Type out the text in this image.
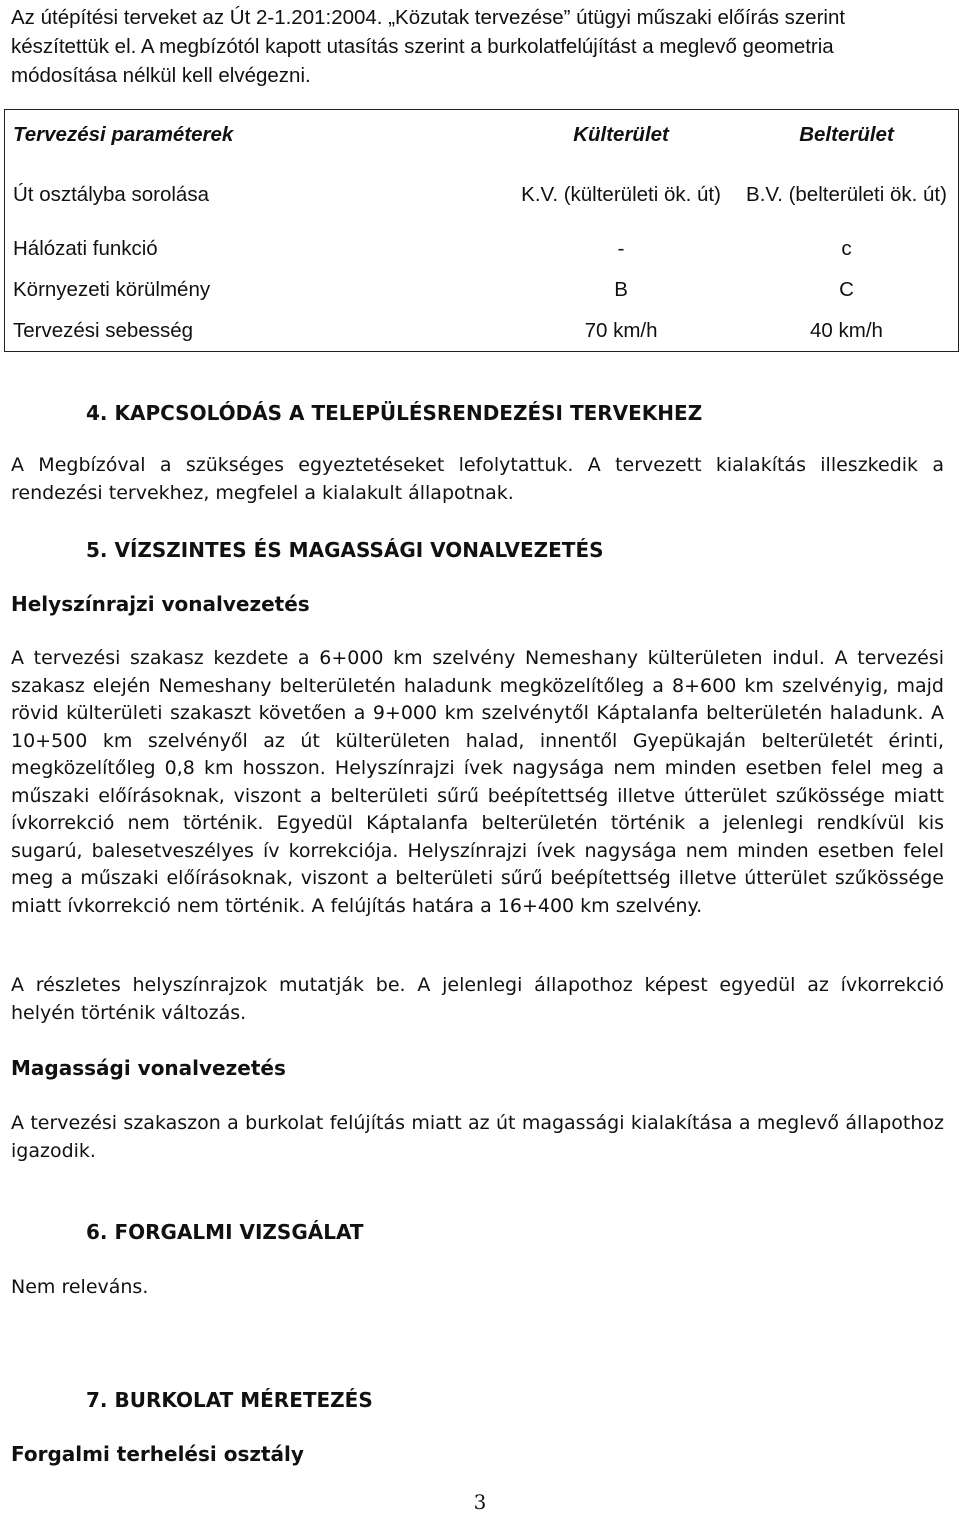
Az útépítési terveket az Út 2-1.201:2004. „Közutak tervezése” útügyi műszaki előírás szerint készítettük el. A megbízótól kapott utasítás szerint a burkolatfelújítást a meglevő geometria módosítása nélkül kell elvégezni.
Tervezési paraméterek	Külterület	Belterület
Út osztályba sorolása	K.V. (külterületi ök. út)	B.V. (belterületi ök. út)
Hálózati funkció	-	c
Környezeti körülmény	B	C
Tervezési sebesség	70 km/h	40 km/h
4. KAPCSOLÓDÁS A TELEPÜLÉSRENDEZÉSI TERVEKHEZ
A Megbízóval a szükséges egyeztetéseket lefolytattuk. A tervezett kialakítás illeszkedik a rendezési tervekhez, megfelel a kialakult állapotnak.
5. VÍZSZINTES ÉS MAGASSÁGI VONALVEZETÉS
Helyszínrajzi vonalvezetés
A tervezési szakasz kezdete a 6+000 km szelvény Nemeshany külterületen indul. A tervezési szakasz elején Nemeshany belterületén haladunk megközelítőleg a 8+600 km szelvényig, majd rövid külterületi szakaszt követően a 9+000 km szelvénytől Káptalanfa belterületén haladunk. A 10+500 km szelvényől az út külterületen halad, innentől Gyepükaján belterületét érinti, megközelítőleg 0,8 km hosszon. Helyszínrajzi ívek nagysága nem minden esetben felel meg a műszaki előírásoknak, viszont a belterületi sűrű beépítettség illetve útterület szűkössége miatt ívkorrekció nem történik. Egyedül Káptalanfa belterületén történik a jelenlegi rendkívül kis sugarú, balesetveszélyes ív korrekciója. Helyszínrajzi ívek nagysága nem minden esetben felel meg a műszaki előírásoknak, viszont a belterületi sűrű beépítettség illetve útterület szűkössége miatt ívkorrekció nem történik. A felújítás határa a 16+400 km szelvény.
A részletes helyszínrajzok mutatják be. A jelenlegi állapothoz képest egyedül az ívkorrekció helyén történik változás.
Magassági vonalvezetés
A tervezési szakaszon a burkolat felújítás miatt az út magassági kialakítása a meglevő állapothoz igazodik.
6. FORGALMI VIZSGÁLAT
Nem releváns.
7. BURKOLAT MÉRETEZÉS
Forgalmi terhelési osztály
3
